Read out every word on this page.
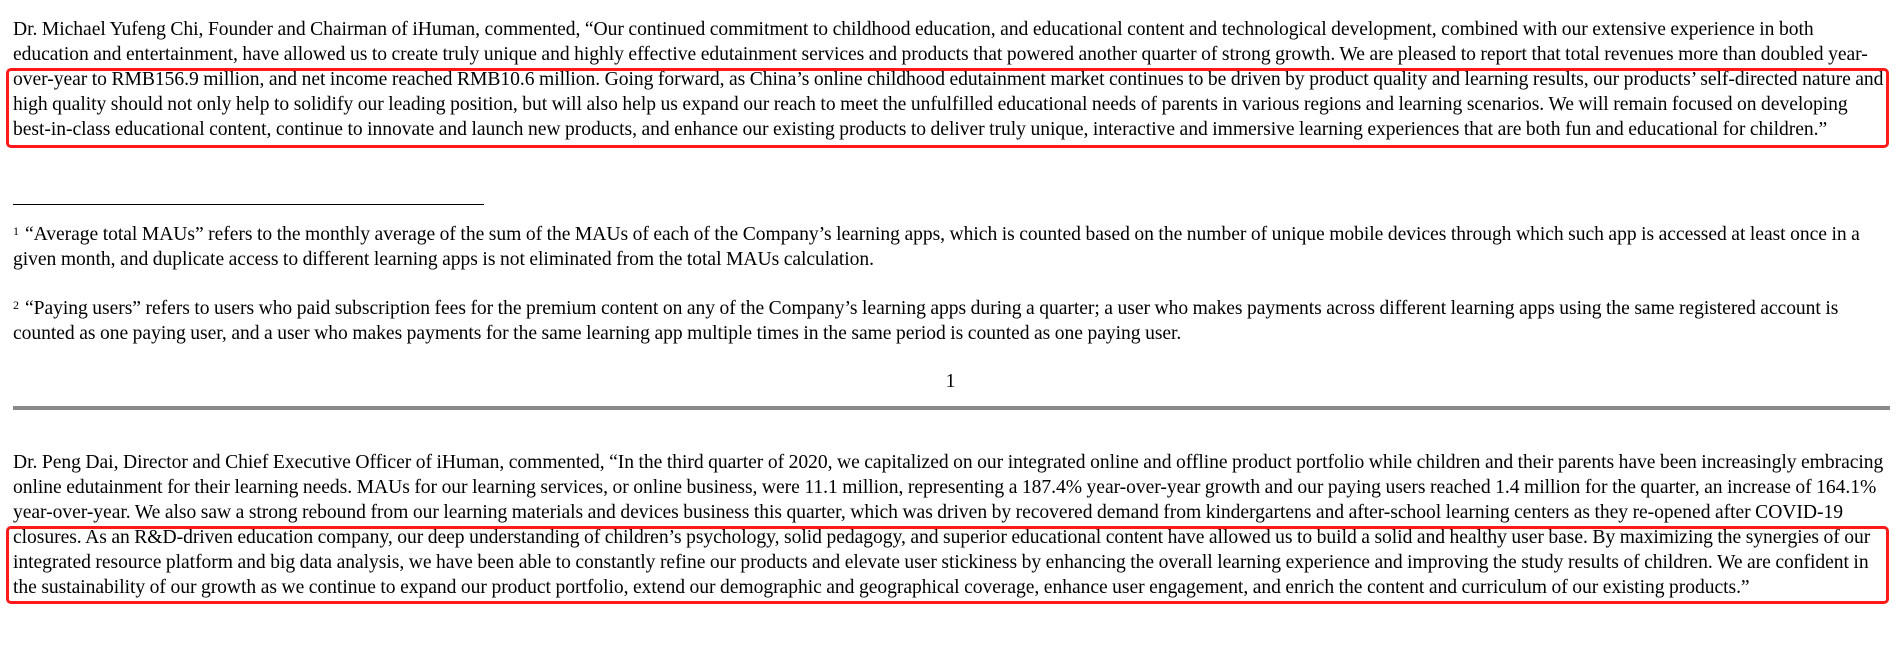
Dr. Michael Yufeng Chi, Founder and Chairman of iHuman, commented, “Our continued commitment to childhood education, and educational content and technological development, combined with our extensive experience in both education and entertainment, have allowed us to create truly unique and highly effective edutainment services and products that powered another quarter of strong growth. We are pleased to report that total revenues more than doubled year-over-year to RMB156.9 million, and net income reached RMB10.6 million. Going forward, as China’s online childhood edutainment market continues to be driven by product quality and learning results, our products’ self-directed nature and high quality should not only help to solidify our leading position, but will also help us expand our reach to meet the unfulfilled educational needs of parents in various regions and learning scenarios. We will remain focused on developing best-in-class educational content, continue to innovate and launch new products, and enhance our existing products to deliver truly unique, interactive and immersive learning experiences that are both fun and educational for children.”

$^1$ “Average total MAUs” refers to the monthly average of the sum of the MAUs of each of the Company’s learning apps, which is counted based on the number of unique mobile devices through which such app is accessed at least once in a given month, and duplicate access to different learning apps is not eliminated from the total MAUs calculation.

$^2$ “Paying users” refers to users who paid subscription fees for the premium content on any of the Company’s learning apps during a quarter; a user who makes payments across different learning apps using the same registered account is counted as one paying user, and a user who makes payments for the same learning app multiple times in the same period is counted as one paying user.

1

Dr. Peng Dai, Director and Chief Executive Officer of iHuman, commented, “In the third quarter of 2020, we capitalized on our integrated online and offline product portfolio while children and their parents have been increasingly embracing online edutainment for their learning needs. MAUs for our learning services, or online business, were 11.1 million, representing a 187.4% year-over-year growth and our paying users reached 1.4 million for the quarter, an increase of 164.1% year-over-year. We also saw a strong rebound from our learning materials and devices business this quarter, which was driven by recovered demand from kindergartens and after-school learning centers as they re-opened after COVID-19 closures. As an R&D-driven education company, our deep understanding of children’s psychology, solid pedagogy, and superior educational content have allowed us to build a solid and healthy user base. By maximizing the synergies of our integrated resource platform and big data analysis, we have been able to constantly refine our products and elevate user stickiness by enhancing the overall learning experience and improving the study results of children. We are confident in the sustainability of our growth as we continue to expand our product portfolio, extend our demographic and geographical coverage, enhance user engagement, and enrich the content and curriculum of our existing products.”
